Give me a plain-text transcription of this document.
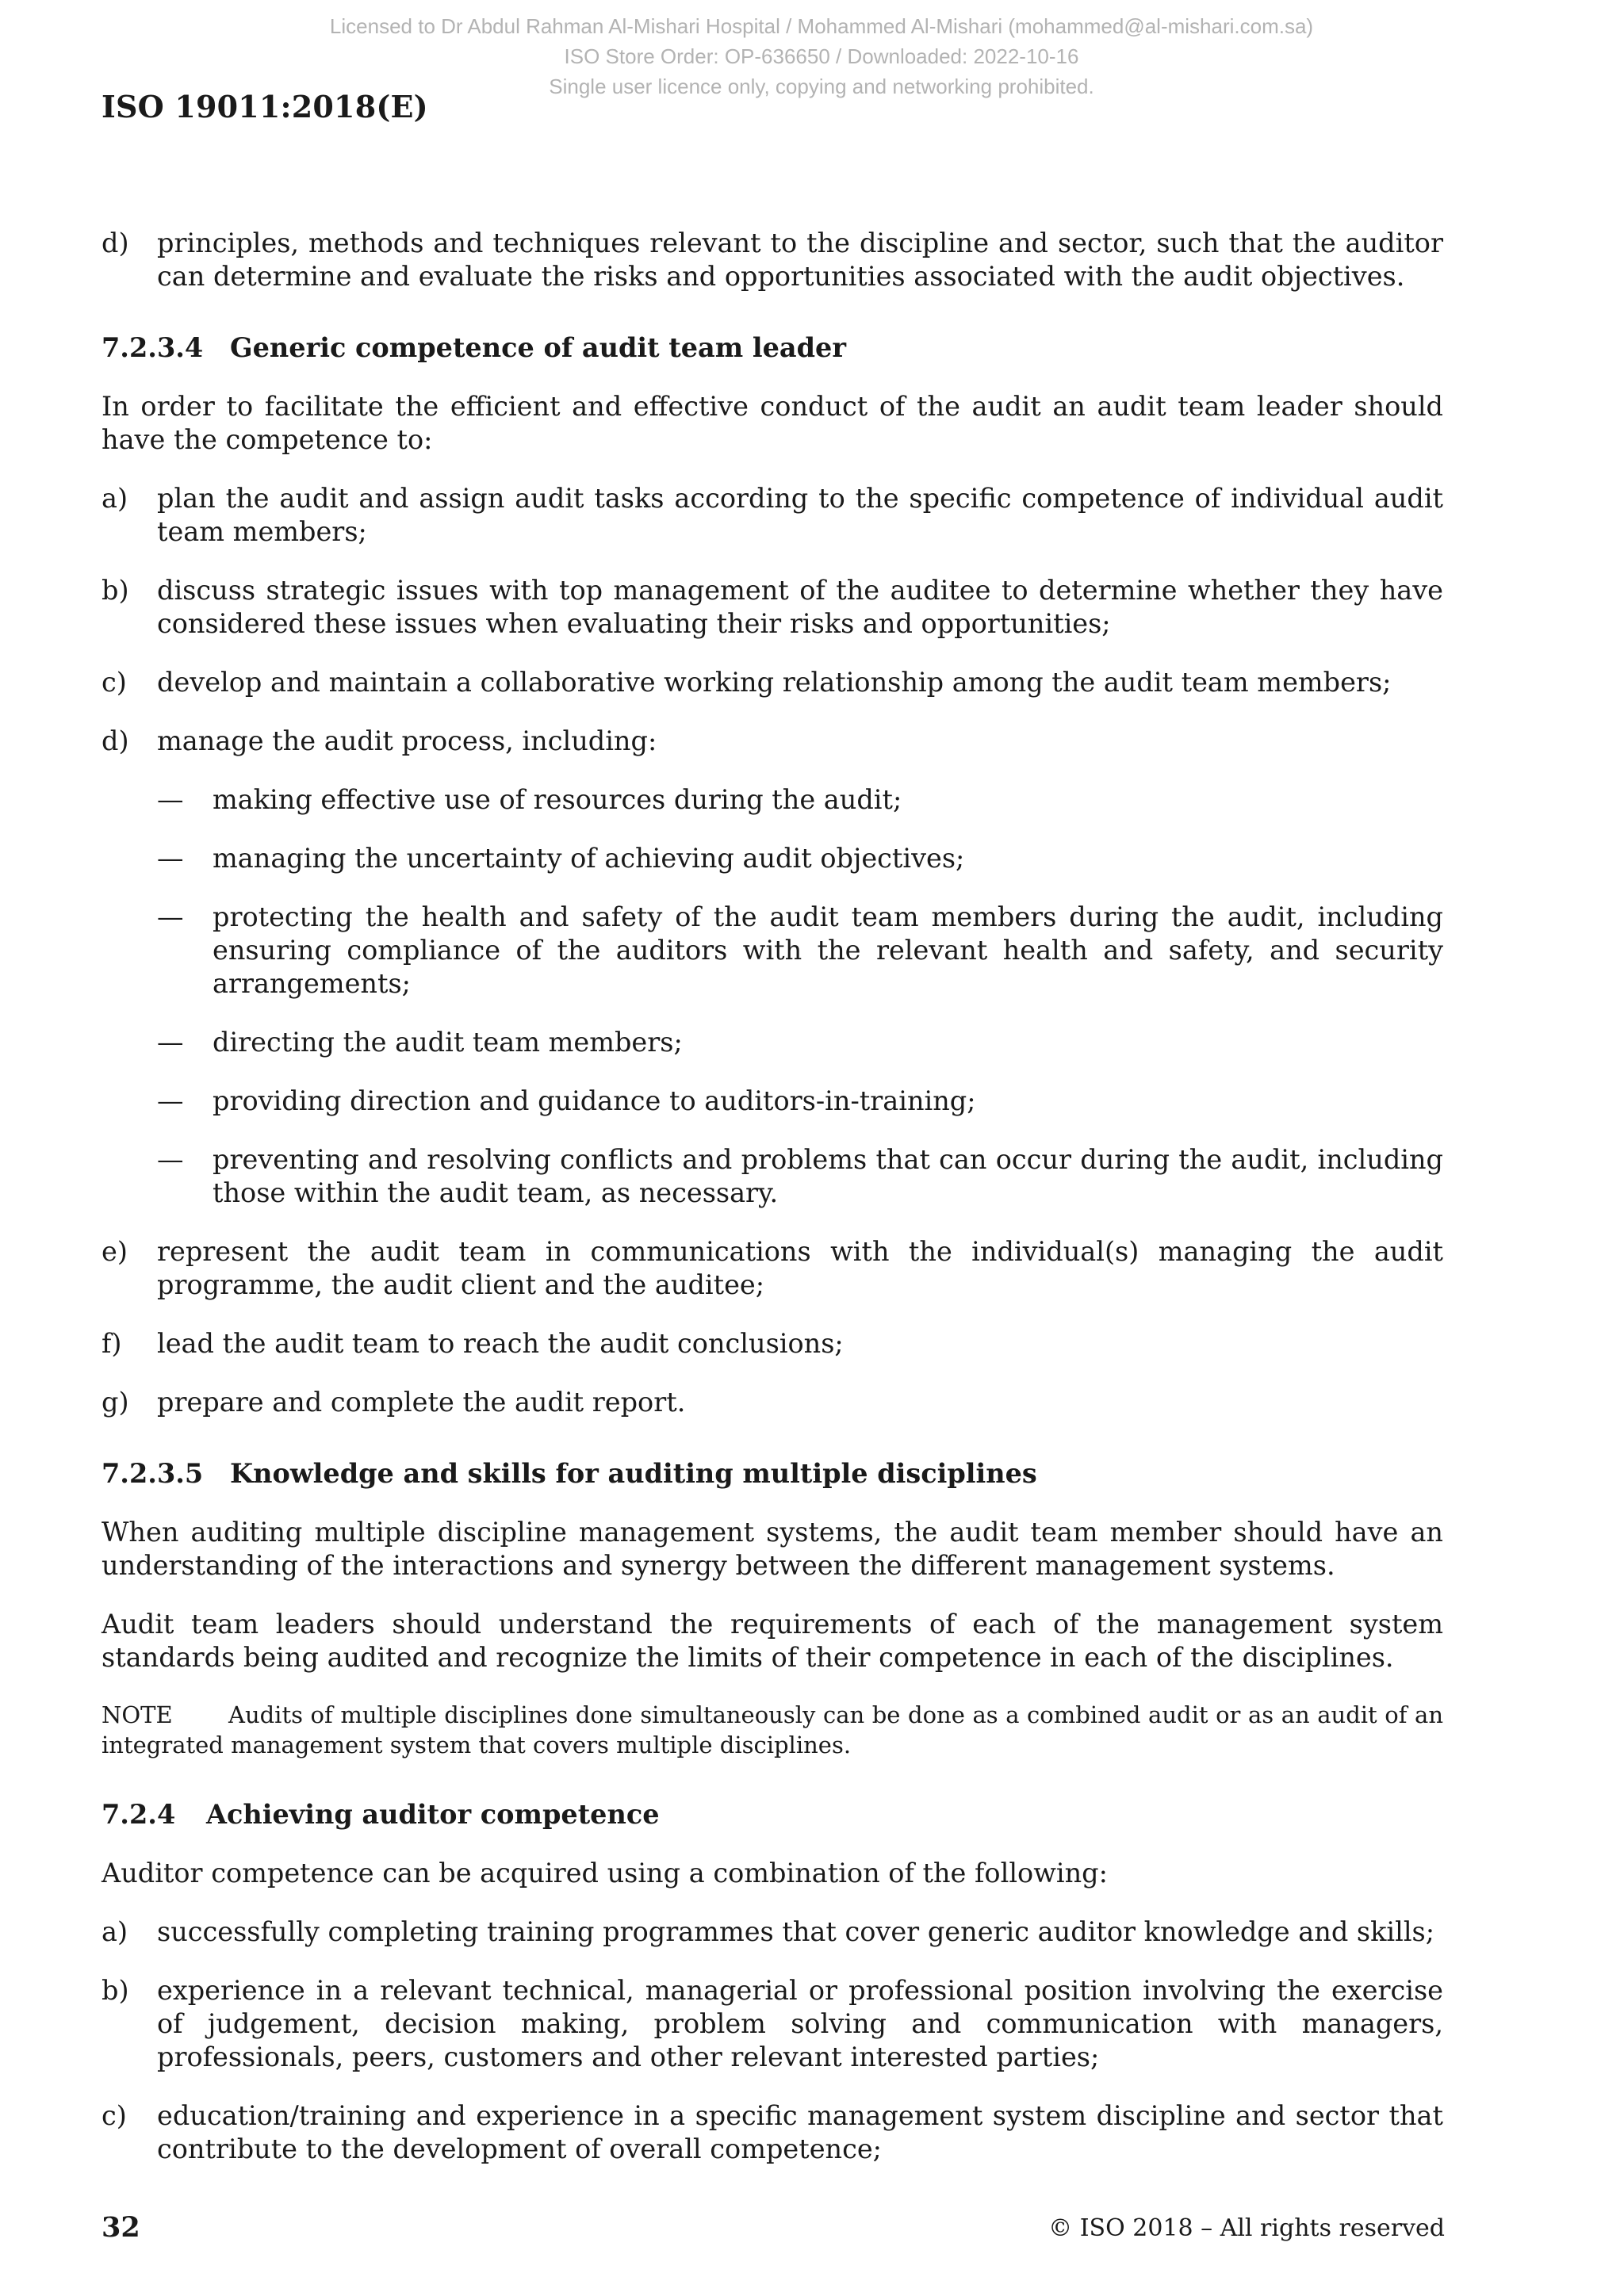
Licensed to Dr Abdul Rahman Al-Mishari Hospital / Mohammed Al-Mishari (mohammed@al-mishari.com.sa)
ISO Store Order: OP-636650 / Downloaded: 2022-10-16
Single user licence only, copying and networking prohibited.
ISO 19011:2018(E)
d) principles, methods and techniques relevant to the discipline and sector, such that the auditor can determine and evaluate the risks and opportunities associated with the audit objectives.
7.2.3.4 Generic competence of audit team leader
In order to facilitate the efficient and effective conduct of the audit an audit team leader should have the competence to:
a) plan the audit and assign audit tasks according to the specific competence of individual audit team members;
b) discuss strategic issues with top management of the auditee to determine whether they have considered these issues when evaluating their risks and opportunities;
c) develop and maintain a collaborative working relationship among the audit team members;
d) manage the audit process, including:
— making effective use of resources during the audit;
— managing the uncertainty of achieving audit objectives;
— protecting the health and safety of the audit team members during the audit, including ensuring compliance of the auditors with the relevant health and safety, and security arrangements;
— directing the audit team members;
— providing direction and guidance to auditors-in-training;
— preventing and resolving conflicts and problems that can occur during the audit, including those within the audit team, as necessary.
e) represent the audit team in communications with the individual(s) managing the audit programme, the audit client and the auditee;
f) lead the audit team to reach the audit conclusions;
g) prepare and complete the audit report.
7.2.3.5 Knowledge and skills for auditing multiple disciplines
When auditing multiple discipline management systems, the audit team member should have an understanding of the interactions and synergy between the different management systems.
Audit team leaders should understand the requirements of each of the management system standards being audited and recognize the limits of their competence in each of the disciplines.
NOTE Audits of multiple disciplines done simultaneously can be done as a combined audit or as an audit of an integrated management system that covers multiple disciplines.
7.2.4 Achieving auditor competence
Auditor competence can be acquired using a combination of the following:
a) successfully completing training programmes that cover generic auditor knowledge and skills;
b) experience in a relevant technical, managerial or professional position involving the exercise of judgement, decision making, problem solving and communication with managers, professionals, peers, customers and other relevant interested parties;
c) education/training and experience in a specific management system discipline and sector that contribute to the development of overall competence;
32	© ISO 2018 – All rights reserved
